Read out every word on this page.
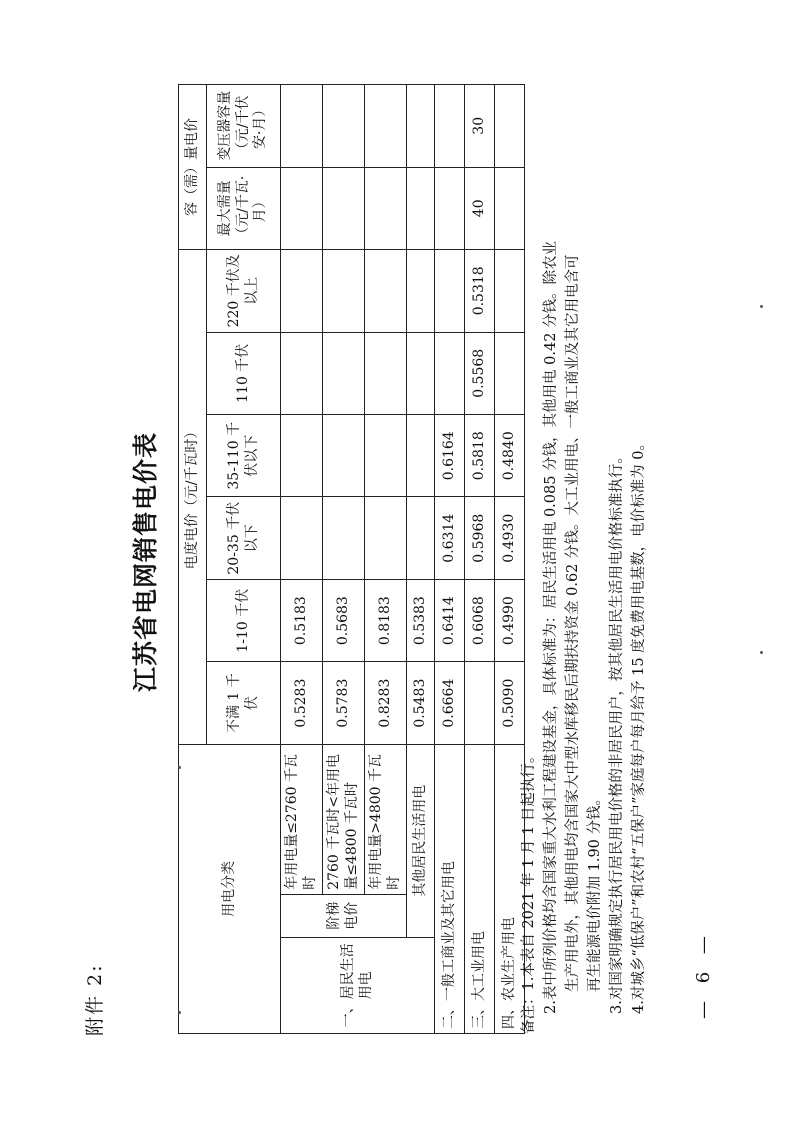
附件 2:
江苏省电网销售电价表
用电分类			电度电价（元/千瓦时）						容（需）量电价	
			不满 1 千伏	1-10 千伏	20-35 千伏以下	35-110 千伏以下	110 千伏	220 千伏及以上	最大需量（元/千瓦·月）	变压器容量（元/千伏安·月）
一、居民生活用电	阶梯电价	年用电量≤2760 千瓦时	0.5283	0.5183						
		2760 千瓦时<年用电量≤4800 千瓦时	0.5783	0.5683						
		年用电量>4800 千瓦时	0.8283	0.8183						
	其他居民生活用电		0.5483	0.5383						
二、一般工商业及其它用电			0.6664	0.6414	0.6314	0.6164				
三、大工业用电				0.6068	0.5968	0.5818	0.5568	0.5318	40	30
四、农业生产用电			0.5090	0.4990	0.4930	0.4840				
备注：1.本表自 2021 年 1 月 1 日起执行。 2.表中所列价格均含国家重大水利工程建设基金，具体标准为：居民生活用电 0.085 分钱，其他用电 0.42 分钱。除农业 生产用电外，其他用电均含国家大中型水库移民后期扶持资金 0.62 分钱。大工业用电、一般工商业及其它用电含可 再生能源电价附加 1.90 分钱。 3.对国家明确规定执行居民用电价格的非居民用户，按其他居民生活用电价格标准执行。 4.对城乡“低保户”和农村“五保户”家庭每户每月给予 15 度免费用电基数，电价标准为 0。	— 6 —
